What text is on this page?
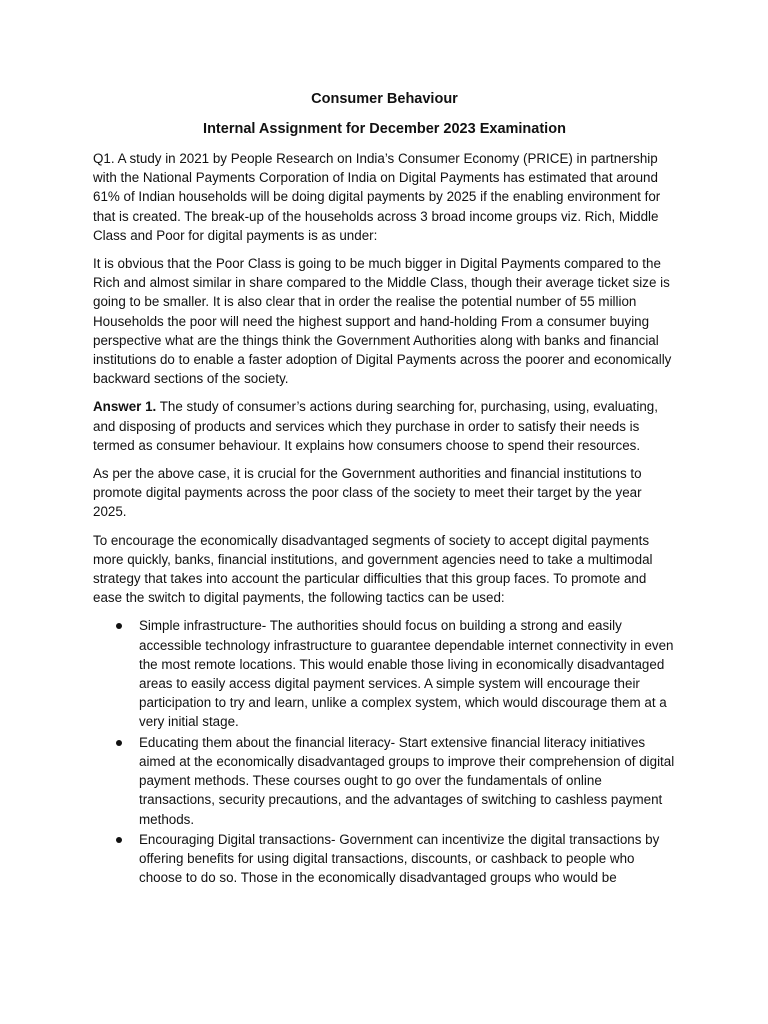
Consumer Behaviour
Internal Assignment for December 2023 Examination

Q1. A study in 2021 by People Research on India’s Consumer Economy (PRICE) in partnership with the National Payments Corporation of India on Digital Payments has estimated that around 61% of Indian households will be doing digital payments by 2025 if the enabling environment for that is created. The break-up of the households across 3 broad income groups viz. Rich, Middle Class and Poor for digital payments is as under:

It is obvious that the Poor Class is going to be much bigger in Digital Payments compared to the Rich and almost similar in share compared to the Middle Class, though their average ticket size is going to be smaller. It is also clear that in order the realise the potential number of 55 million Households the poor will need the highest support and hand-holding From a consumer buying perspective what are the things think the Government Authorities along with banks and financial institutions do to enable a faster adoption of Digital Payments across the poorer and economically backward sections of the society.

Answer 1. The study of consumer’s actions during searching for, purchasing, using, evaluating, and disposing of products and services which they purchase in order to satisfy their needs is termed as consumer behaviour. It explains how consumers choose to spend their resources.

As per the above case, it is crucial for the Government authorities and financial institutions to promote digital payments across the poor class of the society to meet their target by the year 2025.

To encourage the economically disadvantaged segments of society to accept digital payments more quickly, banks, financial institutions, and government agencies need to take a multimodal strategy that takes into account the particular difficulties that this group faces. To promote and ease the switch to digital payments, the following tactics can be used:

Simple infrastructure- The authorities should focus on building a strong and easily accessible technology infrastructure to guarantee dependable internet connectivity in even the most remote locations. This would enable those living in economically disadvantaged areas to easily access digital payment services. A simple system will encourage their participation to try and learn, unlike a complex system, which would discourage them at a very initial stage.
Educating them about the financial literacy- Start extensive financial literacy initiatives aimed at the economically disadvantaged groups to improve their comprehension of digital payment methods. These courses ought to go over the fundamentals of online transactions, security precautions, and the advantages of switching to cashless payment methods.
Encouraging Digital transactions- Government can incentivize the digital transactions by offering benefits for using digital transactions, discounts, or cashback to people who choose to do so. Those in the economically disadvantaged groups who would be
